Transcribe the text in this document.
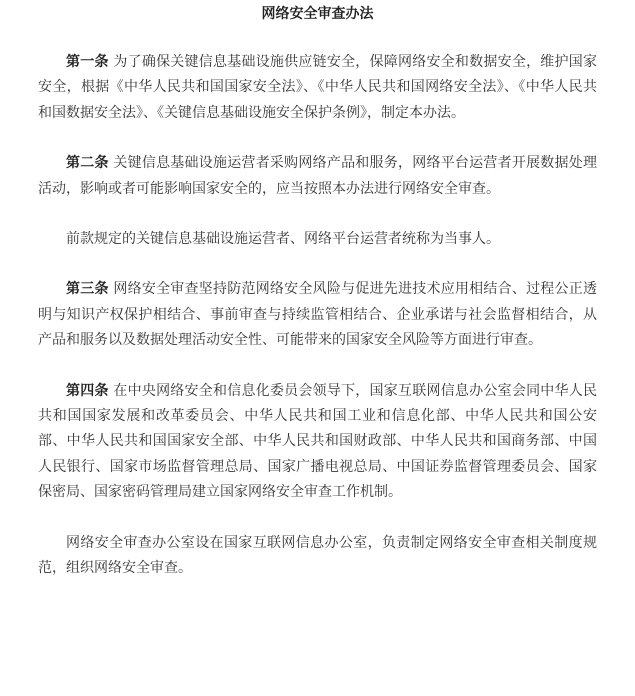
网络安全审查办法

第一条 为了确保关键信息基础设施供应链安全，保障网络安全和数据安全，维护国家安全，根据《中华人民共和国国家安全法》、《中华人民共和国网络安全法》、《中华人民共和国数据安全法》、《关键信息基础设施安全保护条例》，制定本办法。

第二条 关键信息基础设施运营者采购网络产品和服务，网络平台运营者开展数据处理活动，影响或者可能影响国家安全的，应当按照本办法进行网络安全审查。

前款规定的关键信息基础设施运营者、网络平台运营者统称为当事人。

第三条 网络安全审查坚持防范网络安全风险与促进先进技术应用相结合、过程公正透明与知识产权保护相结合、事前审查与持续监管相结合、企业承诺与社会监督相结合，从产品和服务以及数据处理活动安全性、可能带来的国家安全风险等方面进行审查。

第四条 在中央网络安全和信息化委员会领导下，国家互联网信息办公室会同中华人民共和国国家发展和改革委员会、中华人民共和国工业和信息化部、中华人民共和国公安部、中华人民共和国国家安全部、中华人民共和国财政部、中华人民共和国商务部、中国人民银行、国家市场监督管理总局、国家广播电视总局、中国证券监督管理委员会、国家保密局、国家密码管理局建立国家网络安全审查工作机制。

网络安全审查办公室设在国家互联网信息办公室，负责制定网络安全审查相关制度规范，组织网络安全审查。
